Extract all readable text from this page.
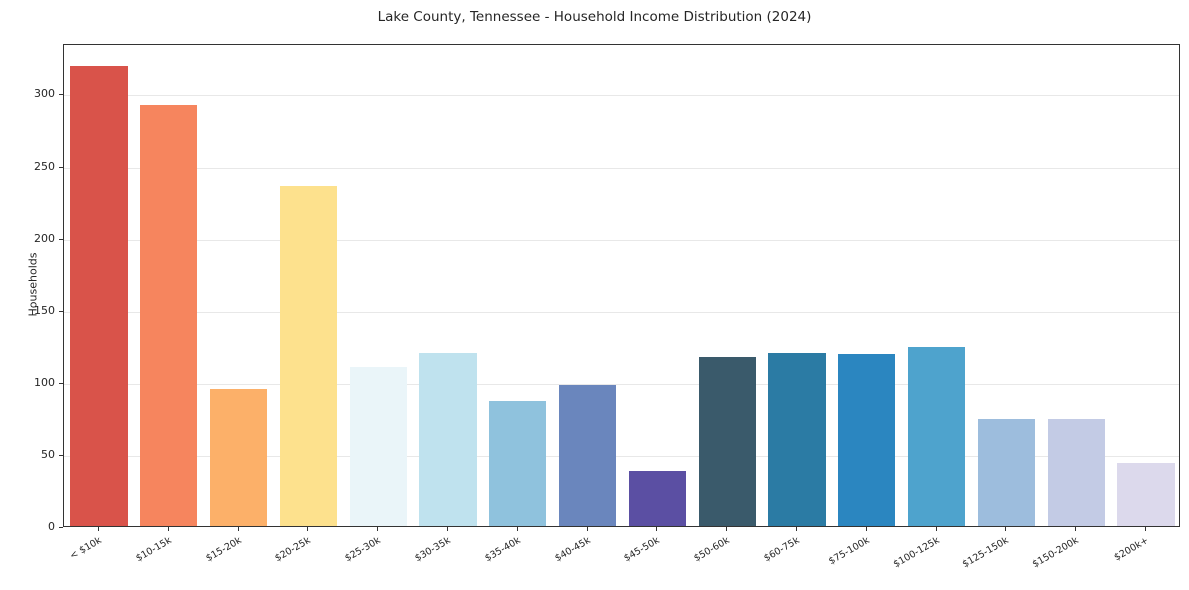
Lake County, Tennessee - Household Income Distribution (2024)
Households
0
50
100
150
200
250
300
< $10k	$10-15k	$15-20k	$20-25k	$25-30k	$30-35k	$35-40k	$40-45k	$45-50k	$50-60k	$60-75k	$75-100k	$100-125k	$125-150k	$150-200k	$200k+
